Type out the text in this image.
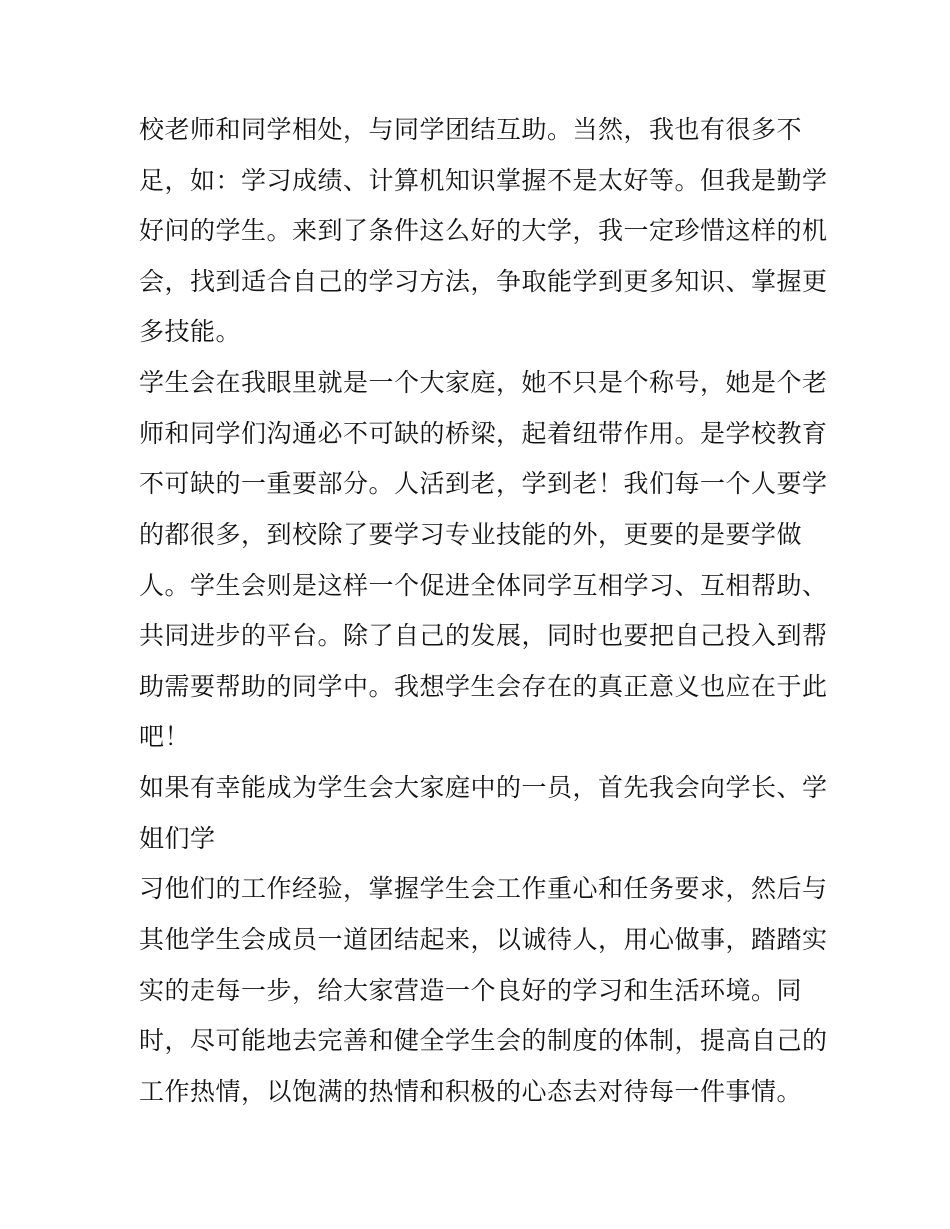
校老师和同学相处，与同学团结互助。当然，我也有很多不
足，如：学习成绩、计算机知识掌握不是太好等。但我是勤学
好问的学生。来到了条件这么好的大学，我一定珍惜这样的机
会，找到适合自己的学习方法，争取能学到更多知识、掌握更
多技能。
学生会在我眼里就是一个大家庭，她不只是个称号，她是个老
师和同学们沟通必不可缺的桥梁，起着纽带作用。是学校教育
不可缺的一重要部分。人活到老，学到老！我们每一个人要学
的都很多，到校除了要学习专业技能的外，更要的是要学做
人。学生会则是这样一个促进全体同学互相学习、互相帮助、
共同进步的平台。除了自己的发展，同时也要把自己投入到帮
助需要帮助的同学中。我想学生会存在的真正意义也应在于此
吧！
如果有幸能成为学生会大家庭中的一员，首先我会向学长、学
姐们学
习他们的工作经验，掌握学生会工作重心和任务要求，然后与
其他学生会成员一道团结起来，以诚待人，用心做事，踏踏实
实的走每一步，给大家营造一个良好的学习和生活环境。同
时，尽可能地去完善和健全学生会的制度的体制，提高自己的
工作热情，以饱满的热情和积极的心态去对待每一件事情。
